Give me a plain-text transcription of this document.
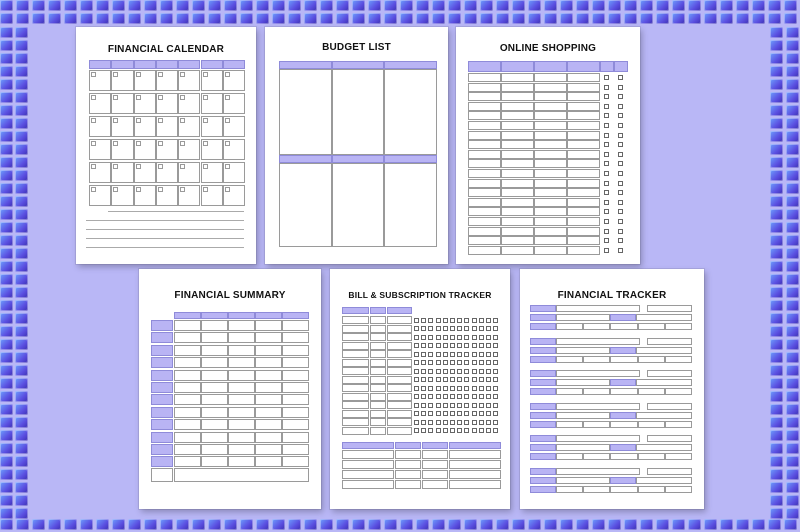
FINANCIAL CALENDAR	BUDGET LIST	ONLINE SHOPPING
FINANCIAL SUMMARY	BILL & SUBSCRIPTION TRACKER	FINANCIAL TRACKER
